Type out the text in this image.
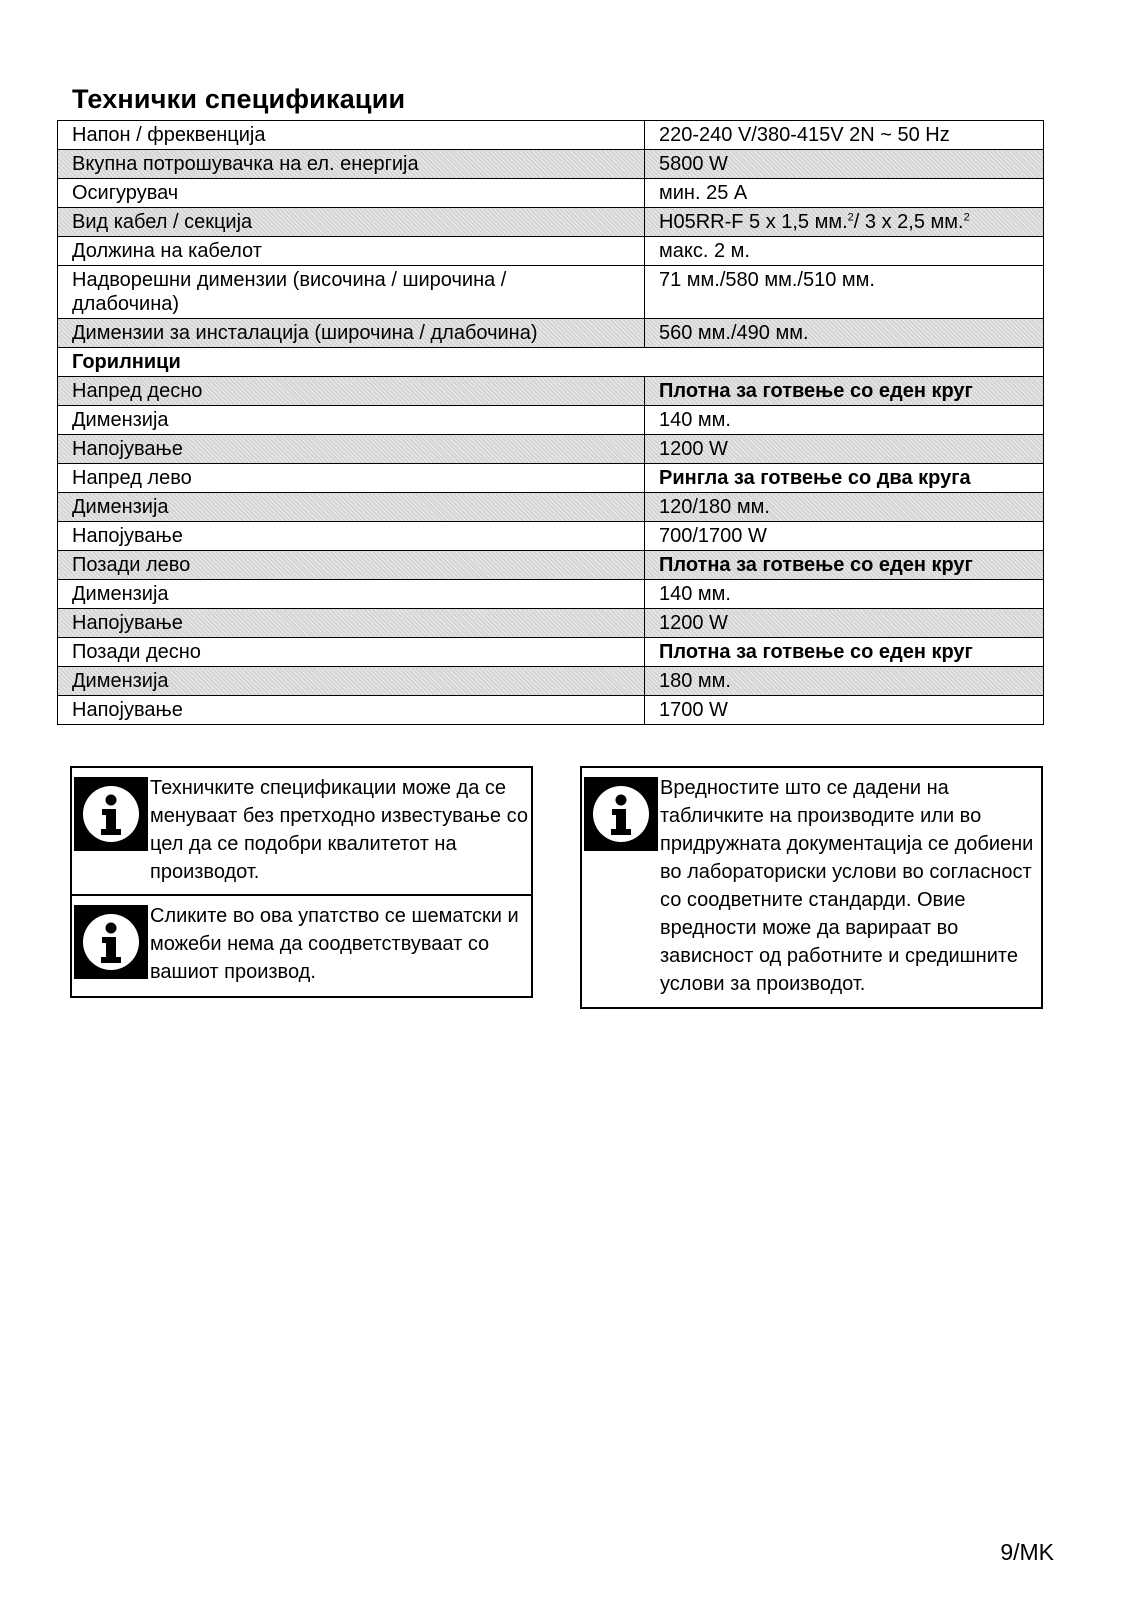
Технички спецификации
Напон / фреквенција	220-240 V/380-415V 2N ~ 50 Hz
Вкупна потрошувачка на ел. енергија	5800 W
Осигурувач	мин. 25 A
Вид кабел / секција	H05RR-F 5 x 1,5 мм.$^2$/ 3 x 2,5 мм.$^2$
Должина на кабелот	макс. 2 м.
Надворешни димензии (височина / широчина / длабочина)	71 мм./580 мм./510 мм.
Димензии за инсталација (широчина / длабочина)	560 мм./490 мм.
Горилници	
Напред десно	Плотна за готвење со еден круг
Димензија	140 мм.
Напојување	1200 W
Напред лево	Рингла за готвење со два круга
Димензија	120/180 мм.
Напојување	700/1700 W
Позади лево	Плотна за готвење со еден круг
Димензија	140 мм.
Напојување	1200 W
Позади десно	Плотна за готвење со еден круг
Димензија	180 мм.
Напојување	1700 W
Техничките спецификации може да се
менуваат без претходно известување со
цел да се подобри квалитетот на
производот.
Сликите во ова упатство се шематски и
можеби нема да соодветствуваат со
вашиот производ.
Вредностите што се дадени на
табличките на производите или во
придружната документација се добиени
во лабораториски услови во согласност
со соодветните стандарди. Овие
вредности може да варираат во
зависност од работните и средишните
услови за производот.
9/MK
